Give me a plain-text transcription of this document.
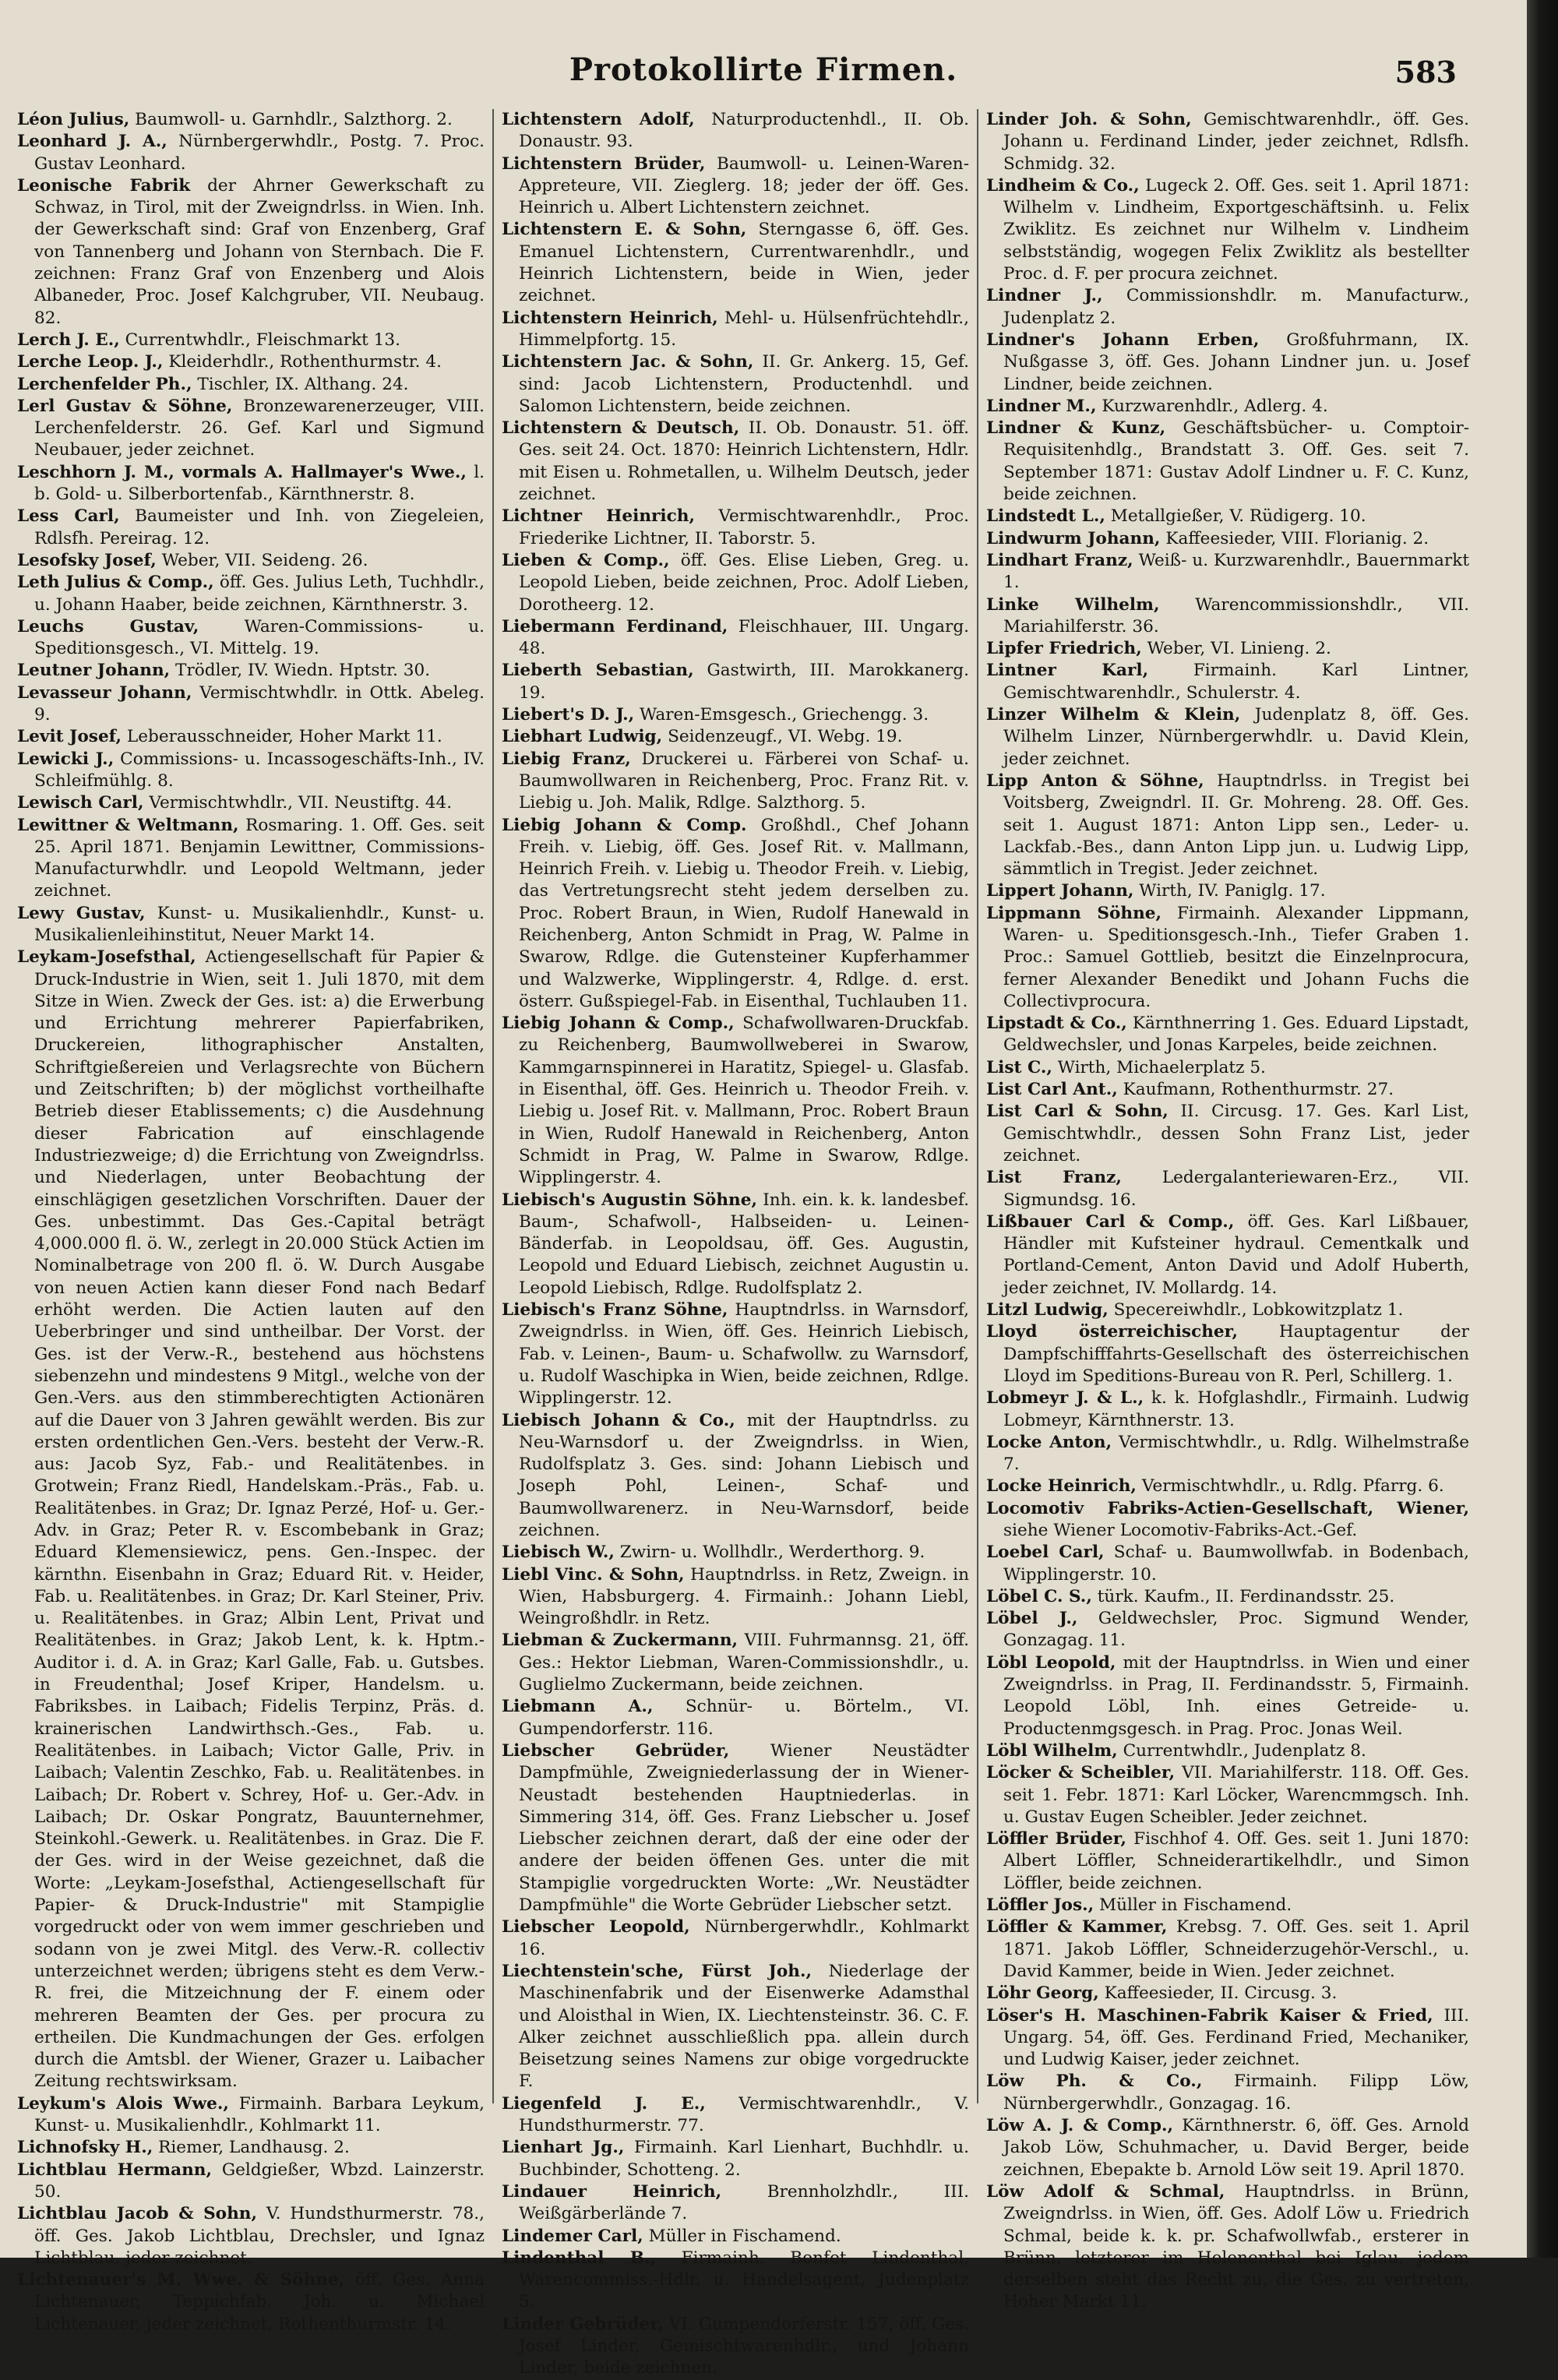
Protokollirte Firmen.	583
Léon Julius, Baumwoll- u. Garnhdlr., Salzthorg. 2.
Leonhard J. A., Nürnbergerwhdlr., Postg. 7. Proc. Gustav Leonhard.
Leonische Fabrik der Ahrner Gewerkschaft zu Schwaz, in Tirol, mit der Zweigndrlss. in Wien. Inh. der Gewerkschaft sind: Graf von Enzenberg, Graf von Tannenberg und Johann von Sternbach. Die F. zeichnen: Franz Graf von Enzenberg und Alois Albaneder, Proc. Josef Kalchgruber, VII. Neubaug. 82.
Lerch J. E., Currentwhdlr., Fleischmarkt 13.
Lerche Leop. J., Kleiderhdlr., Rothenthurmstr. 4.
Lerchenfelder Ph., Tischler, IX. Althang. 24.
Lerl Gustav & Söhne, Bronzewarenerzeuger, VIII. Lerchenfelderstr. 26. Gef. Karl und Sigmund Neubauer, jeder zeichnet.
Leschhorn J. M., vormals A. Hallmayer's Wwe., l. b. Gold- u. Silberbortenfab., Kärnthnerstr. 8.
Less Carl, Baumeister und Inh. von Ziegeleien, Rdlsfh. Pereirag. 12.
Lesofsky Josef, Weber, VII. Seideng. 26.
Leth Julius & Comp., öff. Ges. Julius Leth, Tuchhdlr., u. Johann Haaber, beide zeichnen, Kärnthnerstr. 3.
Leuchs Gustav,	Waren-Commissions- u. Speditionsgesch., VI. Mittelg. 19.
Leutner Johann, Trödler, IV. Wiedn. Hptstr. 30.
Levasseur Johann, Vermischtwhdlr. in Ottk. Abeleg. 9.
Levit Josef, Leberausschneider, Hoher Markt 11.
Lewicki J., Commissions- u. Incassogeschäfts-Inh., IV. Schleifmühlg. 8.
Lewisch Carl, Vermischtwhdlr., VII. Neustiftg. 44.
Lewittner & Weltmann, Rosmaring. 1. Off. Ges. seit 25. April 1871. Benjamin Lewittner, Commissions-Manufacturwhdlr. und Leopold Weltmann, jeder zeichnet.
Lewy Gustav, Kunst- u. Musikalienhdlr., Kunst- u. Musikalienleihinstitut, Neuer Markt 14.
Leykam-Josefsthal, Actiengesellschaft für Papier & Druck-Industrie in Wien, seit 1. Juli 1870, mit dem Sitze in Wien. Zweck der Ges. ist: a) die Erwerbung und Errichtung mehrerer Papierfabriken, Druckereien, lithographischer Anstalten, Schriftgießereien und Verlagsrechte von Büchern und Zeitschriften; b) der möglichst vortheilhafte Betrieb dieser Etablissements; c) die Ausdehnung dieser Fabrication auf einschlagende Industriezweige; d) die Errichtung von Zweigndrlss. und Niederlagen, unter Beobachtung der einschlägigen gesetzlichen Vorschriften. Dauer der Ges. unbestimmt. Das Ges.-Capital beträgt 4,000.000 fl. ö. W., zerlegt in 20.000 Stück Actien im Nominalbetrage von 200 fl. ö. W. Durch Ausgabe von neuen Actien kann dieser Fond nach Bedarf erhöht werden. Die Actien lauten auf den Ueberbringer und sind untheilbar. Der Vorst. der Ges. ist der Verw.-R., bestehend aus höchstens siebenzehn und mindestens 9 Mitgl., welche von der Gen.-Vers. aus den stimmberechtigten Actionären auf die Dauer von 3 Jahren gewählt werden. Bis zur ersten ordentlichen Gen.-Vers. besteht der Verw.-R. aus: Jacob Syz, Fab.- und Realitätenbes. in Grotwein; Franz Riedl, Handelskam.-Präs., Fab. u. Realitätenbes. in Graz; Dr. Ignaz Perzé, Hof- u. Ger.-Adv. in Graz; Peter R. v. Escombebank in Graz; Eduard Klemensiewicz, pens. Gen.-Inspec. der kärnthn. Eisenbahn in Graz; Eduard Rit. v. Heider, Fab. u. Realitätenbes. in Graz; Dr. Karl Steiner, Priv. u. Realitätenbes. in Graz; Albin Lent, Privat und Realitätenbes. in Graz; Jakob Lent, k. k. Hptm.-Auditor i. d. A. in Graz; Karl Galle, Fab. u. Gutsbes. in Freudenthal; Josef Kriper, Handelsm. u. Fabriksbes. in Laibach; Fidelis Terpinz, Präs. d. krainerischen Landwirthsch.-Ges., Fab. u. Realitätenbes. in Laibach; Victor Galle, Priv. in Laibach; Valentin Zeschko, Fab. u. Realitätenbes. in Laibach; Dr. Robert v. Schrey, Hof- u. Ger.-Adv. in Laibach; Dr. Oskar Pongratz, Bauunternehmer, Steinkohl.-Gewerk. u. Realitätenbes. in Graz. Die F. der Ges. wird in der Weise gezeichnet, daß die Worte: „Leykam-Josefsthal, Actiengesellschaft für Papier- & Druck-Industrie" mit Stampiglie vorgedruckt oder von wem immer geschrieben und sodann von je zwei Mitgl. des Verw.-R. collectiv unterzeichnet werden; übrigens steht es dem Verw.-R. frei, die Mitzeichnung der F. einem oder mehreren Beamten der Ges. per procura zu ertheilen. Die Kundmachungen der Ges. erfolgen durch die Amtsbl. der Wiener, Grazer u. Laibacher Zeitung rechtswirksam.
Leykum's Alois Wwe., Firmainh. Barbara Leykum, Kunst- u. Musikalienhdlr., Kohlmarkt 11.
Lichnofsky H., Riemer, Landhausg. 2.
Lichtblau Hermann, Geldgießer, Wbzd. Lainzerstr. 50.
Lichtblau Jacob & Sohn, V. Hundsthurmerstr. 78., öff. Ges. Jakob Lichtblau, Drechsler, und Ignaz Lichtblau, jeder zeichnet.
Lichtenauer's M. Wwe. & Söhne, öff. Ges. Anna Lichtenauer, Teppichfab. Joh. u. Michael Lichtenauer, jeder zeichnet, Rothenthurmstr. 14.
Lichtenstern Adolf, Naturproductenhdl., II. Ob. Donaustr. 93.
Lichtenstern Brüder, Baumwoll- u. Leinen-Waren-Appreteure, VII. Zieglerg. 18; jeder der öff. Ges. Heinrich u. Albert Lichtenstern zeichnet.
Lichtenstern E. & Sohn, Sterngasse 6, öff. Ges. Emanuel Lichtenstern, Currentwarenhdlr., und Heinrich Lichtenstern, beide in Wien, jeder zeichnet.
Lichtenstern Heinrich, Mehl- u. Hülsenfrüchtehdlr., Himmelpfortg. 15.
Lichtenstern Jac. & Sohn, II. Gr. Ankerg. 15, Gef. sind: Jacob Lichtenstern, Productenhdl. und Salomon Lichtenstern, beide zeichnen.
Lichtenstern & Deutsch, II. Ob. Donaustr. 51. öff. Ges. seit 24. Oct. 1870: Heinrich Lichtenstern, Hdlr. mit Eisen u. Rohmetallen, u. Wilhelm Deutsch, jeder zeichnet.
Lichtner Heinrich, Vermischtwarenhdlr., Proc. Friederike Lichtner, II. Taborstr. 5.
Lieben & Comp., öff. Ges. Elise Lieben, Greg. u. Leopold Lieben, beide zeichnen, Proc. Adolf Lieben, Dorotheerg. 12.
Liebermann Ferdinand, Fleischhauer, III. Ungarg. 48.
Lieberth Sebastian, Gastwirth, III. Marokkanerg. 19.
Liebert's D. J., Waren-Emsgesch., Griechengg. 3.
Liebhart Ludwig, Seidenzeugf., VI. Webg. 19.
Liebig Franz, Druckerei u. Färberei von Schaf- u. Baumwollwaren in Reichenberg, Proc. Franz Rit. v. Liebig u. Joh. Malik, Rdlge. Salzthorg. 5.
Liebig Johann & Comp. Großhdl., Chef Johann Freih. v. Liebig, öff. Ges. Josef Rit. v. Mallmann, Heinrich Freih. v. Liebig u. Theodor Freih. v. Liebig, das Vertretungsrecht steht jedem derselben zu. Proc. Robert Braun, in Wien, Rudolf Hanewald in Reichenberg, Anton Schmidt in Prag, W. Palme in Swarow, Rdlge. die Gutensteiner Kupferhammer und Walzwerke, Wipplingerstr. 4, Rdlge. d. erst. österr. Gußspiegel-Fab. in Eisenthal, Tuchlauben 11.
Liebig Johann & Comp., Schafwollwaren-Druckfab. zu Reichenberg, Baumwollweberei in Swarow, Kammgarnspinnerei in Haratitz, Spiegel- u. Glasfab. in Eisenthal, öff. Ges. Heinrich u. Theodor Freih. v. Liebig u. Josef Rit. v. Mallmann, Proc. Robert Braun in Wien, Rudolf Hanewald in Reichenberg, Anton Schmidt in Prag, W. Palme in Swarow, Rdlge. Wipplingerstr. 4.
Liebisch's Augustin Söhne, Inh. ein. k. k. landesbef. Baum-, Schafwoll-, Halbseiden- u. Leinen-Bänderfab. in Leopoldsau, öff. Ges. Augustin, Leopold und Eduard Liebisch, zeichnet Augustin u. Leopold Liebisch, Rdlge. Rudolfsplatz 2.
Liebisch's Franz Söhne, Hauptndrlss. in Warnsdorf, Zweigndrlss. in Wien, öff. Ges. Heinrich Liebisch, Fab. v. Leinen-, Baum- u. Schafwollw. zu Warnsdorf, u. Rudolf Waschipka in Wien, beide zeichnen, Rdlge. Wipplingerstr. 12.
Liebisch Johann & Co., mit der Hauptndrlss. zu Neu-Warnsdorf u. der Zweigndrlss. in Wien, Rudolfsplatz 3. Ges. sind: Johann Liebisch und Joseph Pohl, Leinen-, Schaf- und Baumwollwarenerz. in Neu-Warnsdorf, beide zeichnen.
Liebisch W., Zwirn- u. Wollhdlr., Werderthorg. 9.
Liebl Vinc. & Sohn, Hauptndrlss. in Retz, Zweign. in Wien, Habsburgerg. 4. Firmainh.: Johann Liebl, Weingroßhdlr. in Retz.
Liebman & Zuckermann, VIII. Fuhrmannsg. 21, öff. Ges.: Hektor Liebman, Waren-Commissionshdlr., u. Guglielmo Zuckermann, beide zeichnen.
Liebmann A., Schnür- u. Börtelm., VI. Gumpendorferstr. 116.
Liebscher Gebrüder, Wiener Neustädter Dampfmühle, Zweigniederlassung der in Wiener-Neustadt bestehenden Hauptniederlas. in Simmering 314, öff. Ges. Franz Liebscher u. Josef Liebscher zeichnen derart, daß der eine oder der andere der beiden öffenen Ges. unter die mit Stampiglie vorgedruckten Worte: „Wr. Neustädter Dampfmühle" die Worte Gebrüder Liebscher setzt.
Liebscher Leopold, Nürnbergerwhdlr., Kohlmarkt 16.
Liechtenstein'sche, Fürst Joh., Niederlage der Maschinenfabrik und der Eisenwerke Adamsthal und Aloisthal in Wien, IX. Liechtensteinstr. 36. C. F. Alker zeichnet ausschließlich ppa. allein durch Beisetzung seines Namens zur obige vorgedruckte F.
Liegenfeld J. E., Vermischtwarenhdlr., V. Hundsthurmerstr. 77.
Lienhart Jg., Firmainh. Karl Lienhart, Buchhdlr. u. Buchbinder, Schotteng. 2.
Lindauer Heinrich,	Brennholzhdlr., III. Weißgärberlände 7.
Lindemer Carl, Müller in Fischamend.
Lindenthal B., Firmainh. Bonfet Lindenthal, Warencommiss.-Hdlr. u. Handelsagent, Judenplatz 5.
Linder Gebrüder, VI. Gumpendorferstr. 157, öff. Ges. Josef Linder, Gemischtwarenhdlr., und Johann Linder, beide zeichnen.
Linder Joh. & Sohn, Gemischtwarenhdlr., öff. Ges. Johann u. Ferdinand Linder, jeder zeichnet, Rdlsfh. Schmidg. 32.
Lindheim & Co., Lugeck 2. Off. Ges. seit 1. April 1871: Wilhelm v. Lindheim, Exportgeschäftsinh. u. Felix Zwiklitz. Es zeichnet nur Wilhelm v. Lindheim selbstständig, wogegen Felix Zwiklitz als bestellter Proc. d. F. per procura zeichnet.
Lindner J., Commissionshdlr. m. Manufacturw., Judenplatz 2.
Lindner's Johann Erben, Großfuhrmann, IX. Nußgasse 3, öff. Ges. Johann Lindner jun. u. Josef Lindner, beide zeichnen.
Lindner M., Kurzwarenhdlr., Adlerg. 4.
Lindner & Kunz, Geschäftsbücher- u. Comptoir-Requisitenhdlg., Brandstatt 3. Off. Ges. seit 7. September 1871: Gustav Adolf Lindner u. F. C. Kunz, beide zeichnen.
Lindstedt L., Metallgießer, V. Rüdigerg. 10.
Lindwurm Johann, Kaffeesieder, VIII. Florianig. 2.
Lindhart Franz, Weiß- u. Kurzwarenhdlr., Bauernmarkt 1.
Linke Wilhelm, Warencommissionshdlr., VII. Mariahilferstr. 36.
Lipfer Friedrich, Weber, VI. Linieng. 2.
Lintner Karl,	Firmainh. Karl Lintner, Gemischtwarenhdlr., Schulerstr. 4.
Linzer Wilhelm & Klein, Judenplatz 8, öff. Ges. Wilhelm Linzer, Nürnbergerwhdlr. u. David Klein, jeder zeichnet.
Lipp Anton & Söhne, Hauptndrlss. in Tregist bei Voitsberg, Zweigndrl. II. Gr. Mohreng. 28. Off. Ges. seit 1. August 1871: Anton Lipp sen., Leder- u. Lackfab.-Bes., dann Anton Lipp jun. u. Ludwig Lipp, sämmtlich in Tregist. Jeder zeichnet.
Lippert Johann, Wirth, IV. Paniglg. 17.
Lippmann Söhne, Firmainh. Alexander Lippmann, Waren- u. Speditionsgesch.-Inh., Tiefer Graben 1. Proc.: Samuel Gottlieb, besitzt die Einzelnprocura, ferner Alexander Benedikt und Johann Fuchs die Collectivprocura.
Lipstadt & Co., Kärnthnerring 1. Ges. Eduard Lipstadt, Geldwechsler, und Jonas Karpeles, beide zeichnen.
List C., Wirth, Michaelerplatz 5.
List Carl Ant., Kaufmann, Rothenthurmstr. 27.
List Carl & Sohn, II. Circusg. 17. Ges. Karl List, Gemischtwhdlr., dessen Sohn Franz List, jeder zeichnet.
List Franz, Ledergalanteriewaren-Erz., VII. Sigmundsg. 16.
Lißbauer Carl & Comp., öff. Ges. Karl Lißbauer, Händler mit Kufsteiner hydraul. Cementkalk und Portland-Cement, Anton David und Adolf Huberth, jeder zeichnet, IV. Mollardg. 14.
Litzl Ludwig, Specereiwhdlr., Lobkowitzplatz 1.
Lloyd österreichischer, Hauptagentur der Dampfschifffahrts-Gesellschaft des österreichischen Lloyd im Speditions-Bureau von R. Perl, Schillerg. 1.
Lobmeyr J. & L., k. k. Hofglashdlr., Firmainh. Ludwig Lobmeyr, Kärnthnerstr. 13.
Locke Anton, Vermischtwhdlr., u. Rdlg. Wilhelmstraße 7.
Locke Heinrich, Vermischtwhdlr., u. Rdlg. Pfarrg. 6.
Locomotiv Fabriks-Actien-Gesellschaft, Wiener, siehe Wiener Locomotiv-Fabriks-Act.-Gef.
Loebel Carl, Schaf- u. Baumwollwfab. in Bodenbach, Wipplingerstr. 10.
Löbel C. S., türk. Kaufm., II. Ferdinandsstr. 25.
Löbel J., Geldwechsler, Proc. Sigmund Wender, Gonzagag. 11.
Löbl Leopold, mit der Hauptndrlss. in Wien und einer Zweigndrlss. in Prag, II. Ferdinandsstr. 5, Firmainh. Leopold Löbl, Inh. eines Getreide- u. Productenmgsgesch. in Prag. Proc. Jonas Weil.
Löbl Wilhelm, Currentwhdlr., Judenplatz 8.
Löcker & Scheibler, VII. Mariahilferstr. 118. Off. Ges. seit 1. Febr. 1871: Karl Löcker, Warencmmgsch. Inh. u. Gustav Eugen Scheibler. Jeder zeichnet.
Löffler Brüder, Fischhof 4. Off. Ges. seit 1. Juni 1870: Albert Löffler, Schneiderartikelhdlr., und Simon Löffler, beide zeichnen.
Löffler Jos., Müller in Fischamend.
Löffler & Kammer, Krebsg. 7. Off. Ges. seit 1. April 1871. Jakob Löffler, Schneiderzugehör-Verschl., u. David Kammer, beide in Wien. Jeder zeichnet.
Löhr Georg, Kaffeesieder, II. Circusg. 3.
Löser's H. Maschinen-Fabrik Kaiser & Fried, III. Ungarg. 54, öff. Ges. Ferdinand Fried, Mechaniker, und Ludwig Kaiser, jeder zeichnet.
Löw Ph. & Co., Firmainh. Filipp Löw, Nürnbergerwhdlr., Gonzagag. 16.
Löw A. J. & Comp., Kärnthnerstr. 6, öff. Ges. Arnold Jakob Löw, Schuhmacher, u. David Berger, beide zeichnen, Ebepakte b. Arnold Löw seit 19. April 1870.
Löw Adolf & Schmal, Hauptndrlss. in Brünn, Zweigndrlss. in Wien, öff. Ges. Adolf Löw u. Friedrich Schmal, beide k. k. pr. Schafwollwfab., ersterer in Brünn, letzterer im Helenenthal bei Iglau, jedem derselben steht das Recht zu, die Ges. zu vertreten, Hoher Markt 11.
